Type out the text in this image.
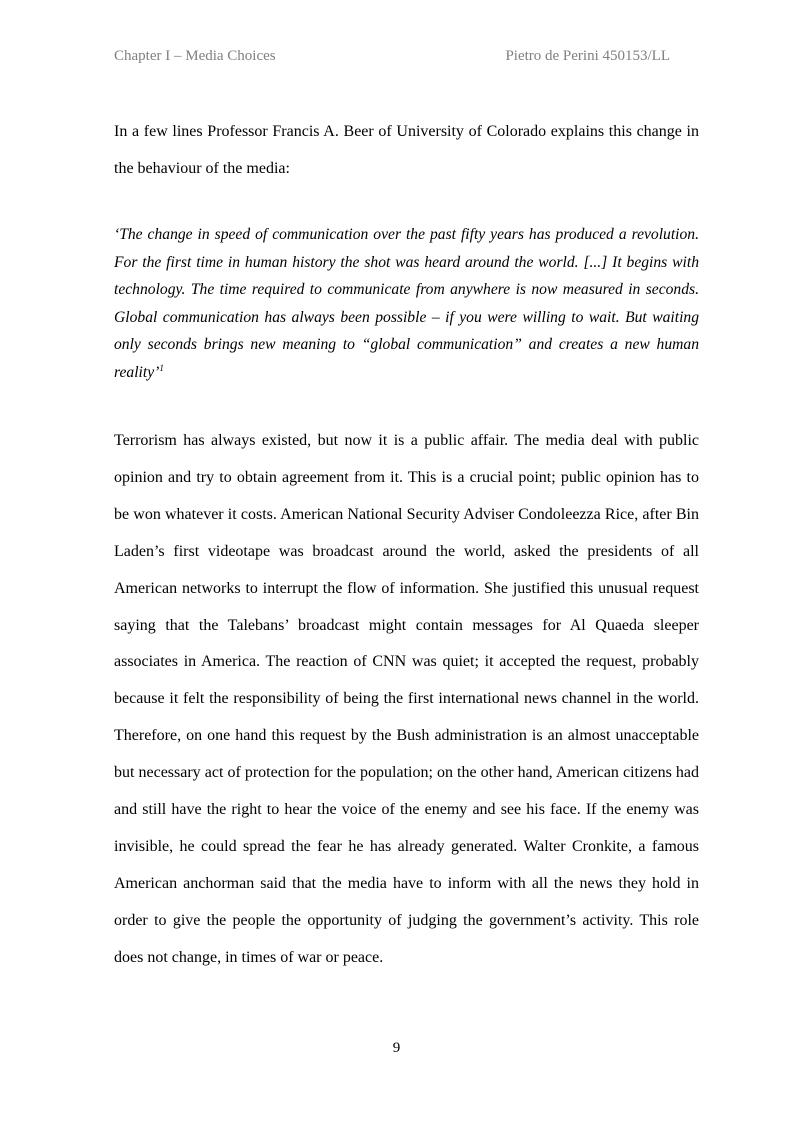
Chapter I – Media Choices	Pietro de Perini 450153/LL

In a few lines Professor Francis A. Beer of University of Colorado explains this change in the behaviour of the media:

‘The change in speed of communication over the past fifty years has produced a revolution. For the first time in human history the shot was heard around the world. [...] It begins with technology. The time required to communicate from anywhere is now measured in seconds. Global communication has always been possible – if you were willing to wait. But waiting only seconds brings new meaning to “global communication” and creates a new human reality’$^1$

Terrorism has always existed, but now it is a public affair. The media deal with public opinion and try to obtain agreement from it. This is a crucial point; public opinion has to be won whatever it costs. American National Security Adviser Condoleezza Rice, after Bin Laden’s first videotape was broadcast around the world, asked the presidents of all American networks to interrupt the flow of information. She justified this unusual request saying that the Talebans’ broadcast might contain messages for Al Quaeda sleeper associates in America. The reaction of CNN was quiet; it accepted the request, probably because it felt the responsibility of being the first international news channel in the world. Therefore, on one hand this request by the Bush administration is an almost unacceptable but necessary act of protection for the population; on the other hand, American citizens had and still have the right to hear the voice of the enemy and see his face. If the enemy was invisible, he could spread the fear he has already generated. Walter Cronkite, a famous American anchorman said that the media have to inform with all the news they hold in order to give the people the opportunity of judging the government’s activity. This role does not change, in times of war or peace.

9
